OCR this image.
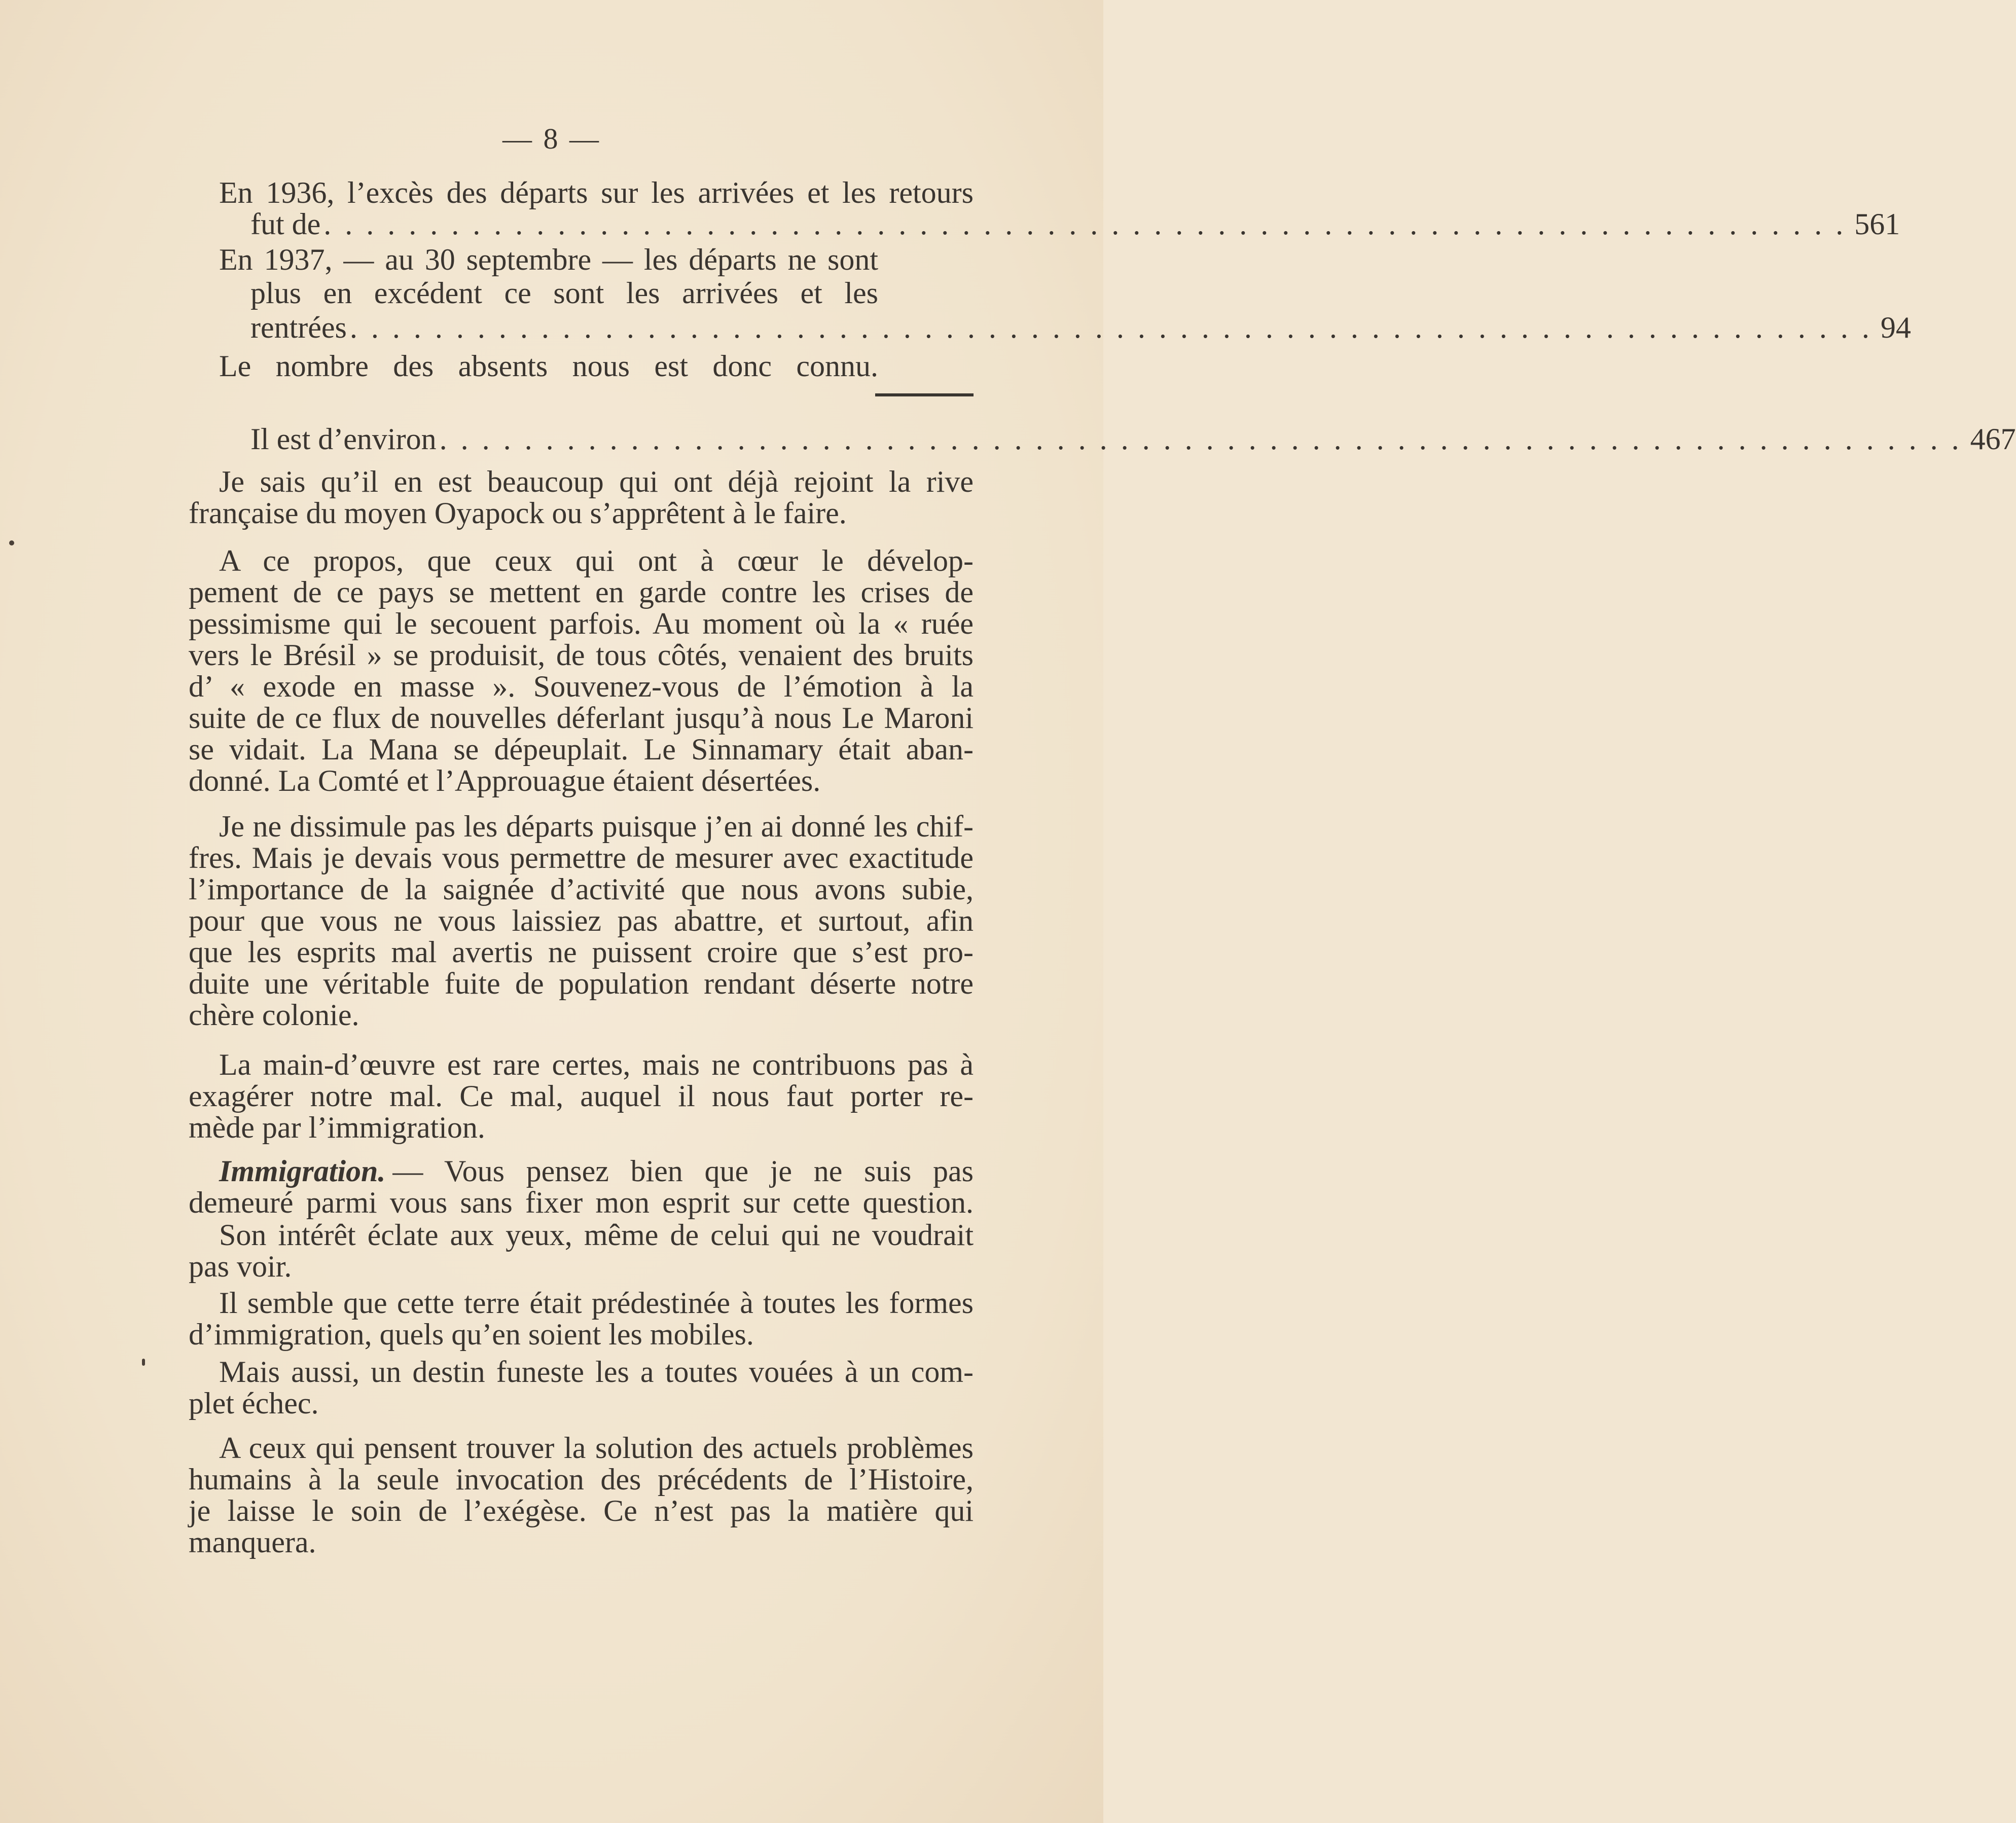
— 8 —
En 1936, l’excès des départs sur les arrivées et les retours
fut de . . . . . . . . . . . . . . . . . . . . . . . . . . . . . . . . . . . . . . . . . . . . . . . . . . . . . . . . . . . . . . . . . . . . . . . . 561
En 1937, — au 30 septembre — les départs ne sont
plus en excédent ce sont les arrivées et les
rentrées . . . . . . . . . . . . . . . . . . . . . . . . . . . . . . . . . . . . . . . . . . . . . . . . . . . . . . . . . . . . . . . . . . . . . . . . 94
Le nombre des absents nous est donc connu.
Il est d’environ . . . . . . . . . . . . . . . . . . . . . . . . . . . . . . . . . . . . . . . . . . . . . . . . . . . . . . . . . . . . . . . . . . . . . . . . 467
Je sais qu’il en est beaucoup qui ont déjà rejoint la rive
française du moyen Oyapock ou s’apprêtent à le faire.
A ce propos, que ceux qui ont à cœur le dévelop-
pement de ce pays se mettent en garde contre les crises de
pessimisme qui le secouent parfois. Au moment où la « ruée
vers le Brésil » se produisit, de tous côtés, venaient des bruits
d’ « exode en masse ». Souvenez-vous de l’émotion à la
suite de ce flux de nouvelles déferlant jusqu’à nous Le Maroni
se vidait. La Mana se dépeuplait. Le Sinnamary était aban-
donné. La Comté et l’Approuague étaient désertées.
Je ne dissimule pas les départs puisque j’en ai donné les chif-
fres. Mais je devais vous permettre de mesurer avec exactitude
l’importance de la saignée d’activité que nous avons subie,
pour que vous ne vous laissiez pas abattre, et surtout, afin
que les esprits mal avertis ne puissent croire que s’est pro-
duite une véritable fuite de population rendant déserte notre
chère colonie.
La main-d’œuvre est rare certes, mais ne contribuons pas à
exagérer notre mal. Ce mal, auquel il nous faut porter re-
mède par l’immigration.
Immigration. — Vous pensez bien que je ne suis pas
demeuré parmi vous sans fixer mon esprit sur cette question.
Son intérêt éclate aux yeux, même de celui qui ne voudrait
pas voir.
Il semble que cette terre était prédestinée à toutes les formes
d’immigration, quels qu’en soient les mobiles.
Mais aussi, un destin funeste les a toutes vouées à un com-
plet échec.
A ceux qui pensent trouver la solution des actuels problèmes
humains à la seule invocation des précédents de l’Histoire,
je laisse le soin de l’exégèse. Ce n’est pas la matière qui
manquera.
